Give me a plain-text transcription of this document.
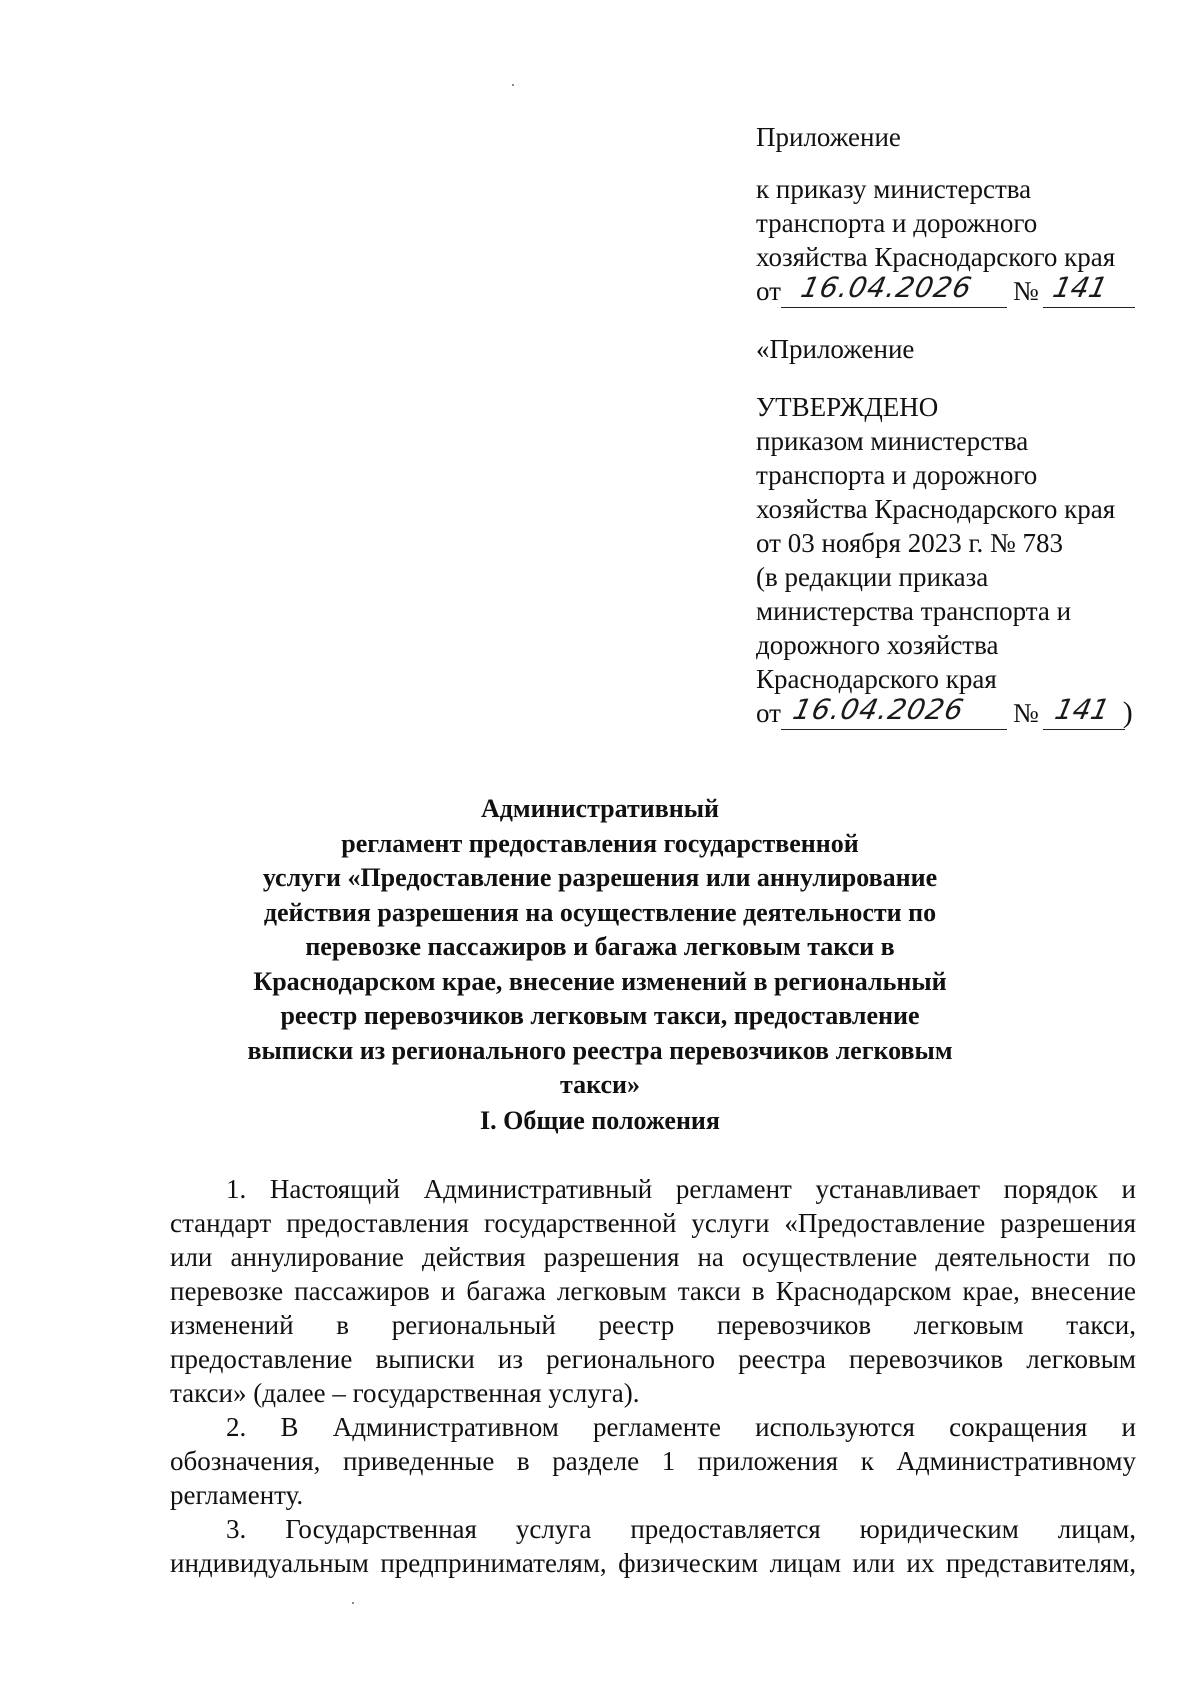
Приложение
к приказу министерства
транспорта и дорожного
хозяйства Краснодарского края
от 16.04.2026 № 141
«Приложение
УТВЕРЖДЕНО
приказом министерства
транспорта и дорожного
хозяйства Краснодарского края
от 03 ноября 2023 г. № 783
(в редакции приказа
министерства транспорта и
дорожного хозяйства
Краснодарского края
от 16.04.2026 № 141 )
Административный
регламент предоставления государственной
услуги «Предоставление разрешения или аннулирование
действия разрешения на осуществление деятельности по
перевозке пассажиров и багажа легковым такси в
Краснодарском крае, внесение изменений в региональный
реестр перевозчиков легковым такси, предоставление
выписки из регионального реестра перевозчиков легковым
такси»
I. Общие положения
1. Настоящий Административный регламент устанавливает порядок и
стандарт предоставления государственной услуги «Предоставление разрешения
или аннулирование действия разрешения на осуществление деятельности по
перевозке пассажиров и багажа легковым такси в Краснодарском крае, внесение
изменений в региональный реестр перевозчиков легковым такси,
предоставление выписки из регионального реестра перевозчиков легковым
такси» (далее – государственная услуга).
2. В Административном регламенте используются сокращения и
обозначения, приведенные в разделе 1 приложения к Административному
регламенту.
3. Государственная услуга предоставляется юридическим лицам,
индивидуальным предпринимателям, физическим лицам или их представителям,
